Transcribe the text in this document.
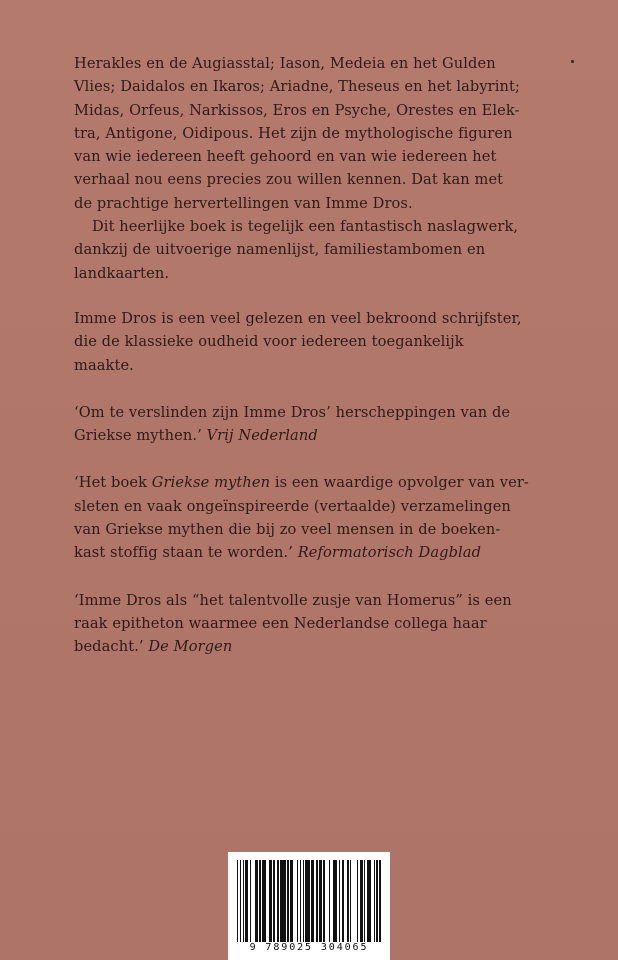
Herakles en de Augiasstal; Iason, Medeia en het Gulden
Vlies; Daidalos en Ikaros; Ariadne, Theseus en het labyrint;
Midas, Orfeus, Narkissos, Eros en Psyche, Orestes en Elek-
tra, Antigone, Oidipous. Het zijn de mythologische figuren
van wie iedereen heeft gehoord en van wie iedereen het
verhaal nou eens precies zou willen kennen. Dat kan met
de prachtige hervertellingen van Imme Dros.

Dit heerlijke boek is tegelijk een fantastisch naslagwerk,
dankzij de uitvoerige namenlijst, familiestambomen en
landkaarten.

Imme Dros is een veel gelezen en veel bekroond schrijfster,
die de klassieke oudheid voor iedereen toegankelijk
maakte.

‘Om te verslinden zijn Imme Dros’ herscheppingen van de
Griekse mythen.’ Vrij Nederland

‘Het boek Griekse mythen is een waardige opvolger van ver-
sleten en vaak ongeïnspireerde (vertaalde) verzamelingen
van Griekse mythen die bij zo veel mensen in de boeken-
kast stoffig staan te worden.’ Reformatorisch Dagblad

‘Imme Dros als “het talentvolle zusje van Homerus” is een
raak epitheton waarmee een Nederlandse collega haar
bedacht.’ De Morgen

9 789025 304065
